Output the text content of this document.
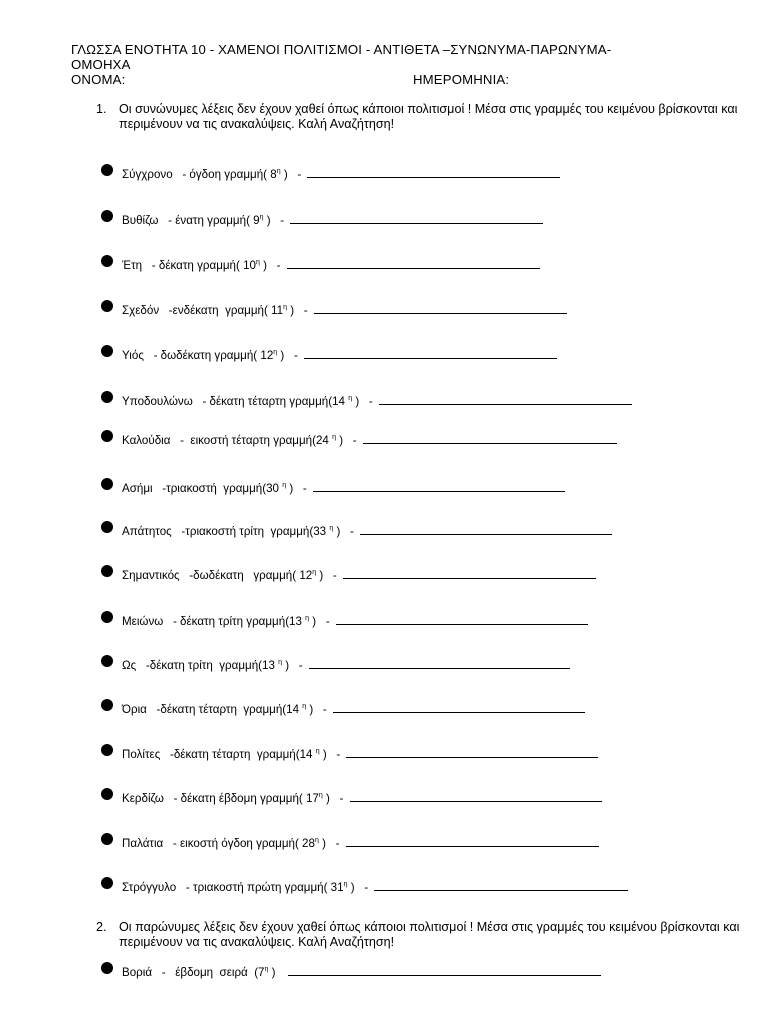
ΓΛΩΣΣΑ ΕΝΟΤΗΤΑ 10 - ΧΑΜΕΝΟΙ ΠΟΛΙΤΙΣΜΟΙ - ΑΝΤΙΘΕΤΑ –ΣΥΝΩΝΥΜΑ-ΠΑΡΩΝΥΜΑ-
ΟΜΟΗΧΑ
ΟΝΟΜΑ:	ΗΜΕΡΟΜΗΝΙΑ:
1. Οι συνώνυμες λέξεις δεν έχουν χαθεί όπως κάποιοι πολιτισμοί ! Μέσα στις γραμμές του κειμένου βρίσκονται και περιμένουν να τις ανακαλύψεις. Καλή Αναζήτηση!
Σύγχρονο   - όγδοη γραμμή( $8^\eta$ )   -
Βυθίζω   - ένατη γραμμή( $9^\eta$ )   -
Έτη   - δέκατη γραμμή( $10^\eta$ )   -
Σχεδόν   -ενδέκατη  γραμμή( $11^\eta$ )   -
Υιός   - δωδέκατη γραμμή( $12^\eta$ )   -
Υποδουλώνω   - δέκατη τέταρτη γραμμή(14 $^\eta$ )   -
Καλούδια   -  εικοστή τέταρτη γραμμή(24 $^\eta$ )   -
Ασήμι   -τριακοστή  γραμμή(30 $^\eta$ )   -
Απάτητος   -τριακοστή τρίτη  γραμμή(33 $^\eta$ )   -
Σημαντικός   -δωδέκατη   γραμμή( $12^\eta$ )   -
Μειώνω   - δέκατη τρίτη γραμμή(13 $^\eta$ )   -
Ως   -δέκατη τρίτη  γραμμή(13 $^\eta$ )   -
Όρια   -δέκατη τέταρτη  γραμμή(14 $^\eta$ )   -
Πολίτες   -δέκατη τέταρτη  γραμμή(14 $^\eta$ )   -
Κερδίζω   - δέκατη έβδομη γραμμή( $17^\eta$ )   -
Παλάτια   - εικοστή όγδοη γραμμή( $28^\eta$ )   -
Στρόγγυλο   - τριακοστή πρώτη γραμμή( $31^\eta$ )   -
2. Οι παρώνυμες λέξεις δεν έχουν χαθεί όπως κάποιοι πολιτισμοί ! Μέσα στις γραμμές του κειμένου βρίσκονται και περιμένουν να τις ανακαλύψεις. Καλή Αναζήτηση!
Βοριά   -   έβδομη  σειρά  ($7^\eta$ )
